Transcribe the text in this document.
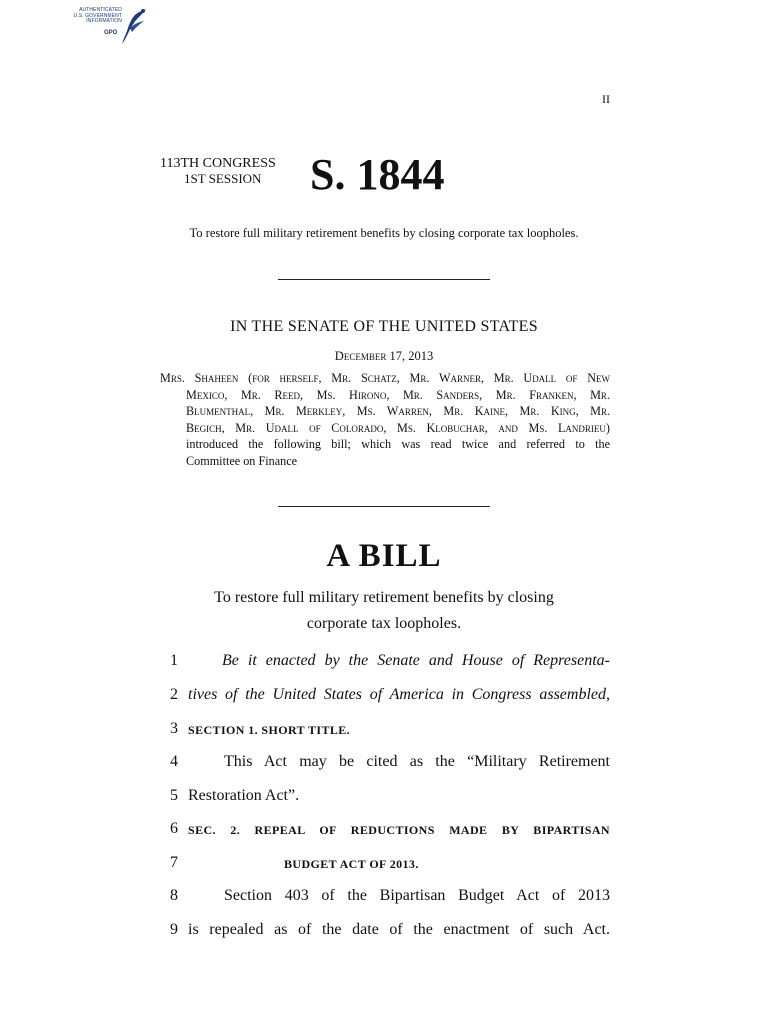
AUTHENTICATED
U.S. GOVERNMENT
INFORMATION
GPO
II
113TH CONGRESS
1ST SESSION	S. 1844
To restore full military retirement benefits by closing corporate tax loopholes.
IN THE SENATE OF THE UNITED STATES
December 17, 2013
Mrs. Shaheen (for herself, Mr. Schatz, Mr. Warner, Mr. Udall of New
Mexico, Mr. Reed, Ms. Hirono, Mr. Sanders, Mr. Franken, Mr.
Blumenthal, Mr. Merkley, Ms. Warren, Mr. Kaine, Mr. King, Mr.
Begich, Mr. Udall of Colorado, Ms. Klobuchar, and Ms. Landrieu)
introduced the following bill; which was read twice and referred to the
Committee on Finance
A BILL
To restore full military retirement benefits by closing
corporate tax loopholes.
1	Be it enacted by the Senate and House of Representa-
2 tives of the United States of America in Congress assembled,
3 SECTION 1. SHORT TITLE.
4	This Act may be cited as the “Military Retirement
5 Restoration Act”.
6 SEC. 2. REPEAL OF REDUCTIONS MADE BY BIPARTISAN
7	BUDGET ACT OF 2013.
8	Section 403 of the Bipartisan Budget Act of 2013
9 is repealed as of the date of the enactment of such Act.
